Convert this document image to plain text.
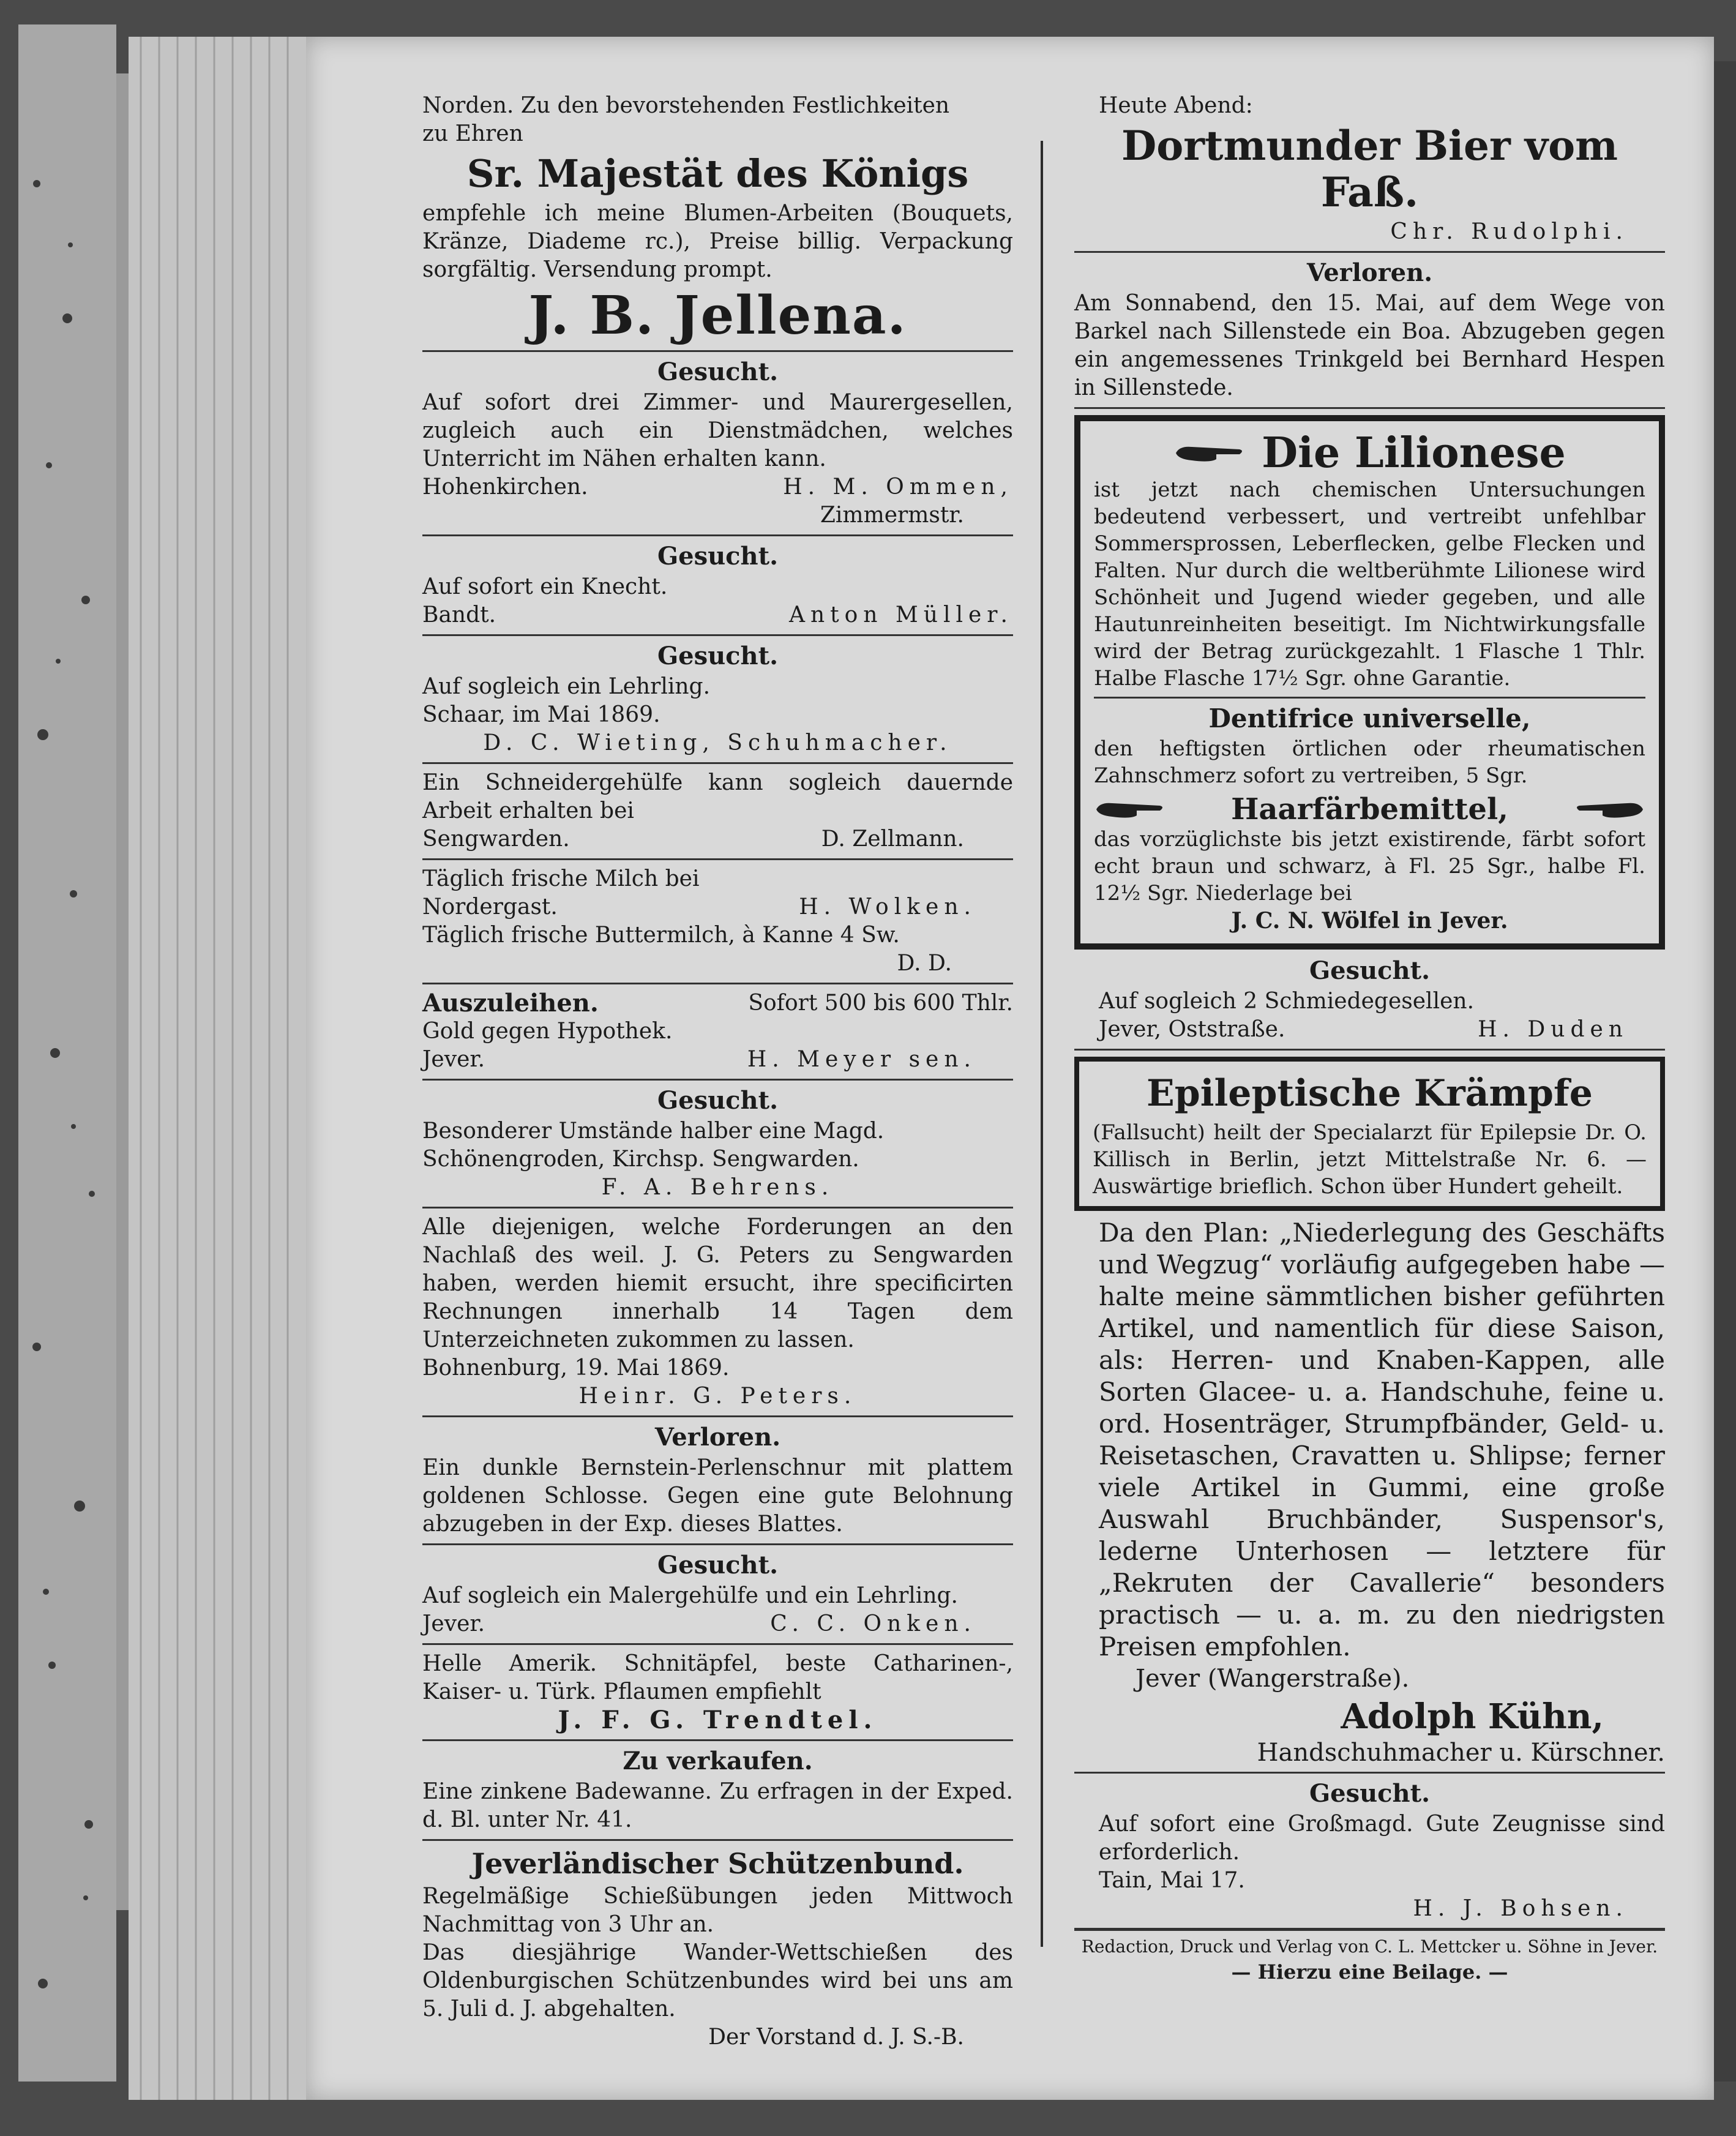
Norden. Zu den bevorstehenden Festlichkeiten

zu Ehren

Sr. Majestät des Königs

empfehle ich meine Blumen-Arbeiten (Bouquets, Kränze, Diademe rc.), Preise billig. Verpackung sorgfältig. Versendung prompt.

J. B. Jellena.

Gesucht.

Auf sofort drei Zimmer- und Maurergesellen, zugleich auch ein Dienstmädchen, welches Unterricht im Nähen erhalten kann.

Hohenkirchen.	H. M. Ommen,

Zimmermstr.

Gesucht.

Auf sofort ein Knecht.

Bandt.	Anton Müller.

Gesucht.

Auf sogleich ein Lehrling.

Schaar, im Mai 1869.

D. C. Wieting, Schuhmacher.

Ein Schneidergehülfe kann sogleich dauernde Arbeit erhalten bei

Sengwarden.	D. Zellmann.

Täglich frische Milch bei

Nordergast.	H. Wolken.

Täglich frische Buttermilch, à Kanne 4 Sw.

D. D.

Auszuleihen.	Sofort 500 bis 600 Thlr.

Gold gegen Hypothek.

Jever.	H. Meyer sen.

Gesucht.

Besonderer Umstände halber eine Magd.

Schönengroden, Kirchsp. Sengwarden.

F. A. Behrens.

Alle diejenigen, welche Forderungen an den Nachlaß des weil. J. G. Peters zu Sengwarden haben, werden hiemit ersucht, ihre specificirten Rechnungen innerhalb 14 Tagen dem Unterzeichneten zukommen zu lassen.

Bohnenburg, 19. Mai 1869.

Heinr. G. Peters.

Verloren.

Ein dunkle Bernstein-Perlenschnur mit plattem goldenen Schlosse. Gegen eine gute Belohnung abzugeben in der Exp. dieses Blattes.

Gesucht.

Auf sogleich ein Malergehülfe und ein Lehrling.

Jever.	C. C. Onken.

Helle Amerik. Schnitäpfel, beste Catharinen-, Kaiser- u. Türk. Pflaumen empfiehlt

J. F. G. Trendtel.

Zu verkaufen.

Eine zinkene Badewanne. Zu erfragen in der Exped. d. Bl. unter Nr. 41.

Jeverländischer Schützenbund.

Regelmäßige Schießübungen jeden Mittwoch Nachmittag von 3 Uhr an.

Das diesjährige Wander-Wettschießen des Oldenburgischen Schützenbundes wird bei uns am 5. Juli d. J. abgehalten.

Der Vorstand d. J. S.-B.

Heute Abend:

Dortmunder Bier vom Faß.

Chr. Rudolphi.

Verloren.

Am Sonnabend, den 15. Mai, auf dem Wege von Barkel nach Sillenstede ein Boa. Abzugeben gegen ein angemessenes Trinkgeld bei Bernhard Hespen in Sillenstede.

Die Lilionese

ist jetzt nach chemischen Untersuchungen bedeutend verbessert, und vertreibt unfehlbar Sommersprossen, Leberflecken, gelbe Flecken und Falten. Nur durch die weltberühmte Lilionese wird Schönheit und Jugend wieder gegeben, und alle Hautunreinheiten beseitigt. Im Nichtwirkungsfalle wird der Betrag zurückgezahlt. 1 Flasche 1 Thlr. Halbe Flasche 17½ Sgr. ohne Garantie.

Dentifrice universelle,

den heftigsten örtlichen oder rheumatischen Zahnschmerz sofort zu vertreiben, 5 Sgr.

Haarfärbemittel,

das vorzüglichste bis jetzt existirende, färbt sofort echt braun und schwarz, à Fl. 25 Sgr., halbe Fl. 12½ Sgr. Niederlage bei

J. C. N. Wölfel in Jever.

Gesucht.

Auf sogleich 2 Schmiedegesellen.

Jever, Oststraße.	H. Duden

Epileptische Krämpfe

(Fallsucht) heilt der Specialarzt für Epilepsie Dr. O. Killisch in Berlin, jetzt Mittelstraße Nr. 6. — Auswärtige brieflich. Schon über Hundert geheilt.

Da den Plan: „Niederlegung des Geschäfts und Wegzug“ vorläufig aufgegeben habe — halte meine sämmtlichen bisher geführten Artikel, und namentlich für diese Saison, als: Herren- und Knaben-Kappen, alle Sorten Glacee- u. a. Handschuhe, feine u. ord. Hosenträger, Strumpfbänder, Geld- u. Reisetaschen, Cravatten u. Shlipse; ferner viele Artikel in Gummi, eine große Auswahl Bruchbänder, Suspensor's, lederne Unterhosen — letztere für „Rekruten der Cavallerie“ besonders practisch — u. a. m. zu den niedrigsten Preisen empfohlen.

Jever (Wangerstraße).

Adolph Kühn,

Handschuhmacher u. Kürschner.

Gesucht.

Auf sofort eine Großmagd. Gute Zeugnisse sind erforderlich.

Tain, Mai 17.

H. J. Bohsen.

Redaction, Druck und Verlag von C. L. Mettcker u. Söhne in Jever.

— Hierzu eine Beilage. —
